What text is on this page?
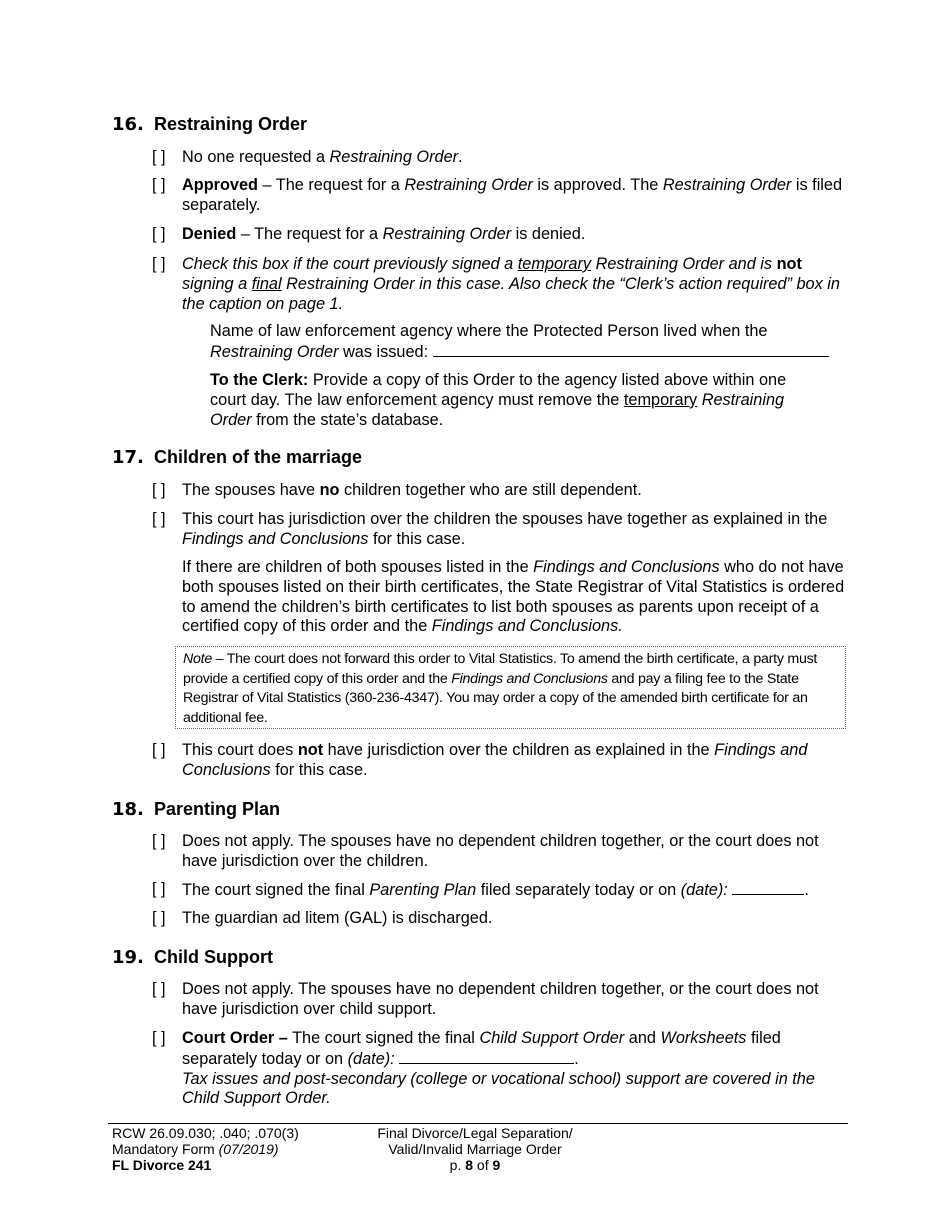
16. Restraining Order
[ ] No one requested a Restraining Order.
[ ] Approved – The request for a Restraining Order is approved. The Restraining Order is filed separately.
[ ] Denied – The request for a Restraining Order is denied.
[ ] Check this box if the court previously signed a temporary Restraining Order and is not signing a final Restraining Order in this case. Also check the “Clerk’s action required” box in the caption on page 1.
Name of law enforcement agency where the Protected Person lived when the Restraining Order was issued:
To the Clerk: Provide a copy of this Order to the agency listed above within one court day. The law enforcement agency must remove the temporary Restraining Order from the state’s database.
17. Children of the marriage
[ ] The spouses have no children together who are still dependent.
[ ] This court has jurisdiction over the children the spouses have together as explained in the Findings and Conclusions for this case.
If there are children of both spouses listed in the Findings and Conclusions who do not have both spouses listed on their birth certificates, the State Registrar of Vital Statistics is ordered to amend the children’s birth certificates to list both spouses as parents upon receipt of a certified copy of this order and the Findings and Conclusions.
Note – The court does not forward this order to Vital Statistics. To amend the birth certificate, a party must provide a certified copy of this order and the Findings and Conclusions and pay a filing fee to the State Registrar of Vital Statistics (360-236-4347). You may order a copy of the amended birth certificate for an additional fee.
[ ] This court does not have jurisdiction over the children as explained in the Findings and Conclusions for this case.
18. Parenting Plan
[ ] Does not apply. The spouses have no dependent children together, or the court does not have jurisdiction over the children.
[ ] The court signed the final Parenting Plan filed separately today or on (date):	.
[ ] The guardian ad litem (GAL) is discharged.
19. Child Support
[ ] Does not apply. The spouses have no dependent children together, or the court does not have jurisdiction over child support.
[ ] Court Order – The court signed the final Child Support Order and Worksheets filed separately today or on (date):	.
Tax issues and post-secondary (college or vocational school) support are covered in the Child Support Order.
RCW 26.09.030; .040; .070(3)
Mandatory Form (07/2019)
FL Divorce 241
Final Divorce/Legal Separation/
Valid/Invalid Marriage Order
p. 8 of 9
